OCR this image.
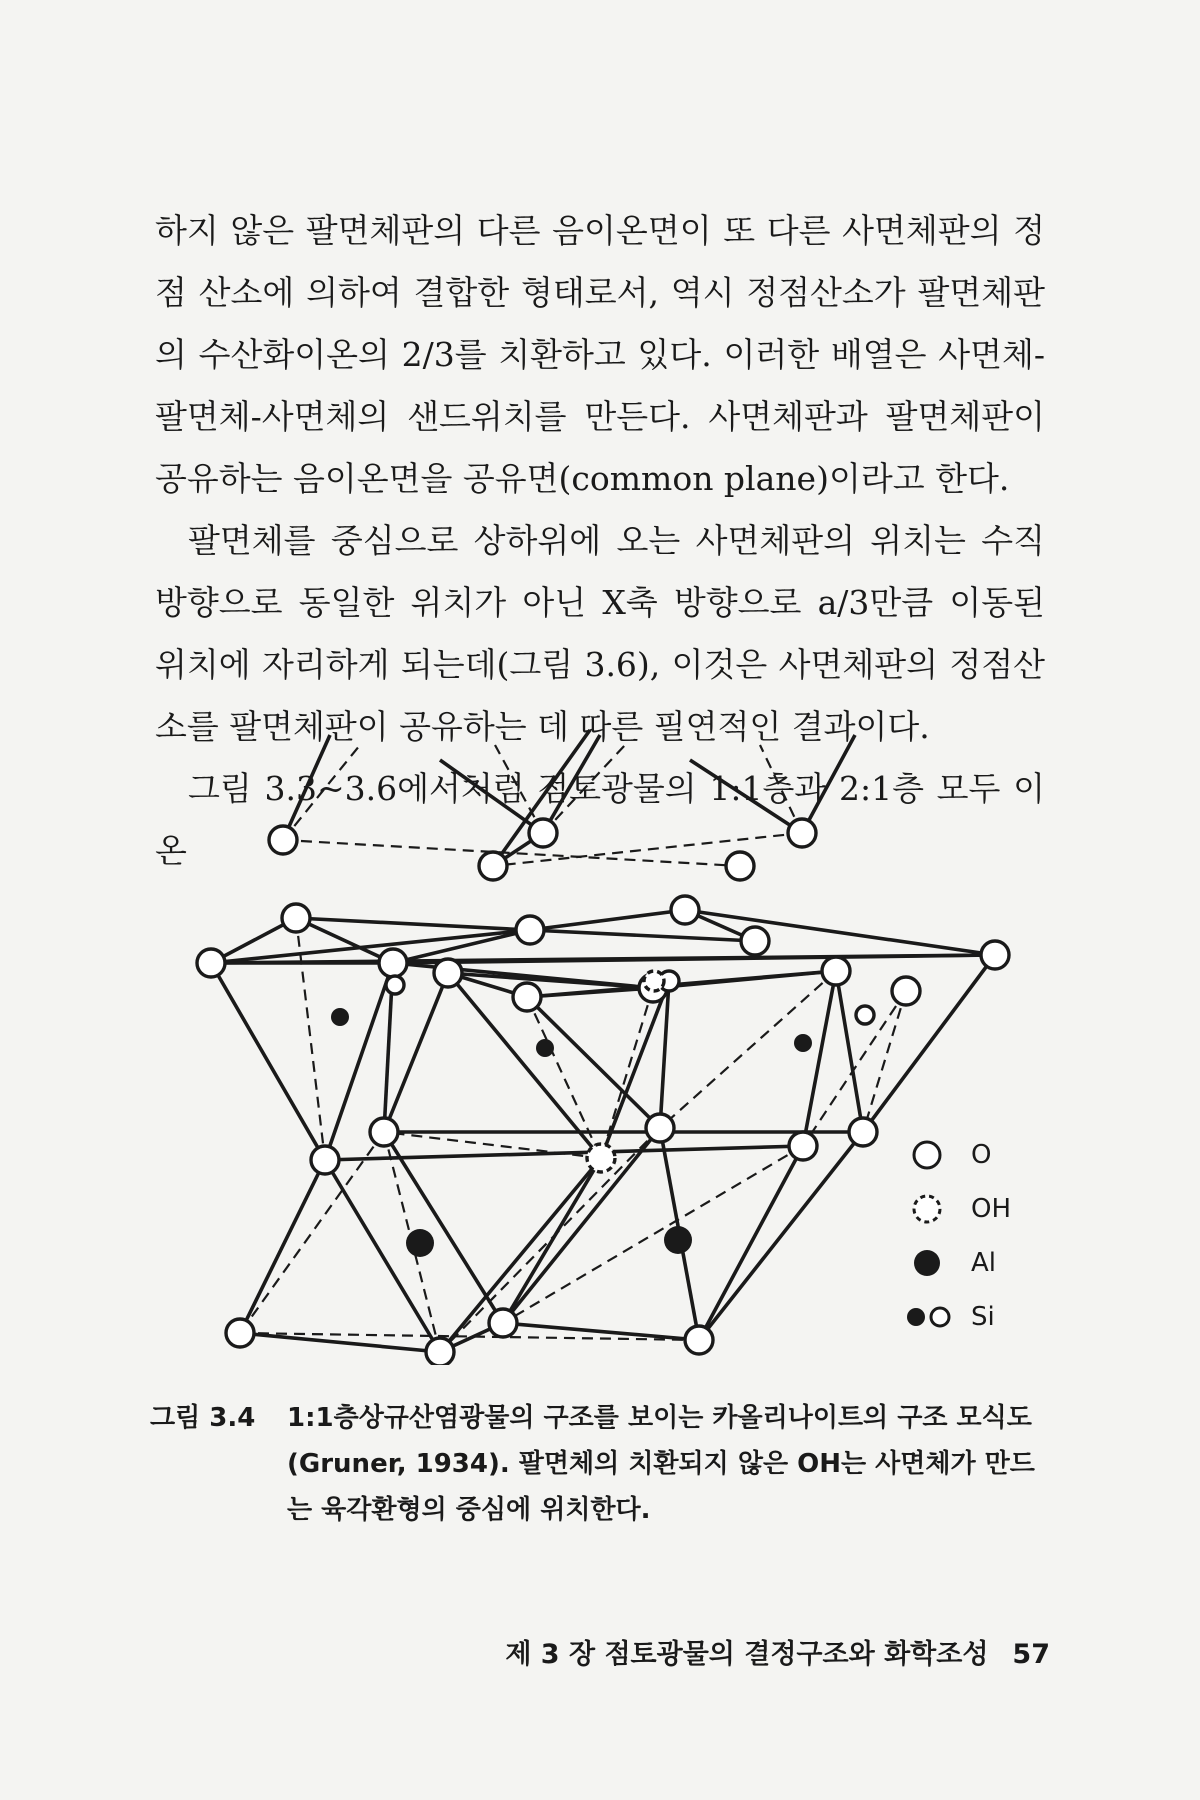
하지 않은 팔면체판의 다른 음이온면이 또 다른 사면체판의 정점 산소에 의하여 결합한 형태로서, 역시 정점산소가 팔면체판의 수산화이온의 2/3를 치환하고 있다. 이러한 배열은 사면체-팔면체-사면체의 샌드위치를 만든다. 사면체판과 팔면체판이 공유하는 음이온면을 공유면(common plane)이라고 한다.

팔면체를 중심으로 상하위에 오는 사면체판의 위치는 수직방향으로 동일한 위치가 아닌 X축 방향으로 a/3만큼 이동된 위치에 자리하게 되는데(그림 3.6), 이것은 사면체판의 정점산소를 팔면체판이 공유하는 데 따른 필연적인 결과이다.

그림 3.3~3.6에서처럼 점토광물의 1:1층과 2:1층 모두 이온

O
OH
Al
Si
그림 3.4	1:1층상규산염광물의 구조를 보이는 카올리나이트의 구조 모식도(Gruner, 1934). 팔면체의 치환되지 않은 OH는 사면체가 만드는 육각환형의 중심에 위치한다.
제 3 장 점토광물의 결정구조와 화학조성 57
